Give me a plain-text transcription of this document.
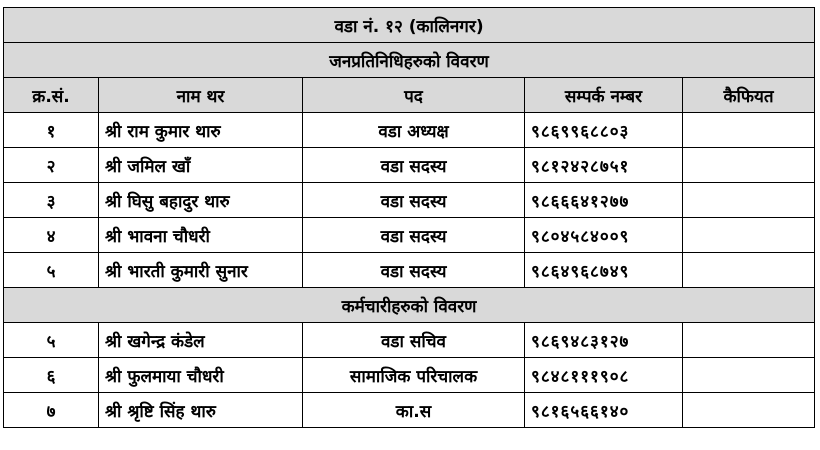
वडा नं. १२ (कालिनगर)				
जनप्रतिनिधिहरुको विवरण				
क्र.सं.	नाम थर	पद	सम्पर्क नम्बर	कैफियत
१	श्री राम कुमार थारु	वडा अध्यक्ष	९८६९९६८८०३	
२	श्री जमिल खाँ	वडा सदस्य	९८१२४२८७५१	
३	श्री घिसु बहादुर थारु	वडा सदस्य	९८६६६४१२७७	
४	श्री भावना चौधरी	वडा सदस्य	९८०४५८४००९	
५	श्री भारती कुमारी सुनार	वडा सदस्य	९८६४९६८७४९	
कर्मचारीहरुको विवरण				
५	श्री खगेन्द्र कंडेल	वडा सचिव	९८६९४८३१२७	
६	श्री फुलमाया चौधरी	सामाजिक परिचालक	९८४८१११९०८	
७	श्री श्रृष्टि सिंह थारु	का.स	९८१६५६६१४०	
